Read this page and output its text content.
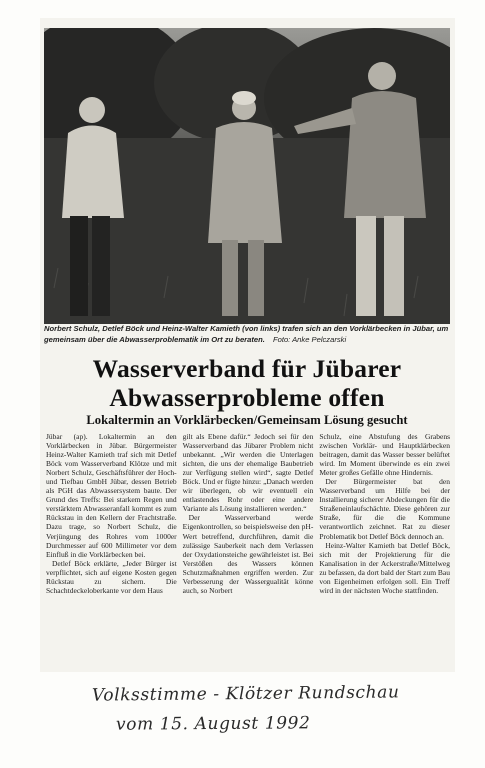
Norbert Schulz, Detlef Böck und Heinz-Walter Kamieth (von links) trafen sich an den Vorklärbecken in Jübar, um gemeinsam über die Abwasserproblematik im Ort zu beraten. Foto: Anke Pelczarski
Wasserverband für Jübarer
Abwasserprobleme offen
Lokaltermin an Vorklärbecken/Gemeinsam Lösung gesucht

Jübar (ap). Lokaltermin an den Vorklärbecken in Jübar. Bürgermeister Heinz-Walter Kamieth traf sich mit Detlef Böck vom Wasserverband Klötze und mit Norbert Schulz, Geschäftsführer der Hoch- und Tiefbau GmbH Jübar, dessen Betrieb als PGH das Abwassersystem baute. Der Grund des Treffs: Bei starkem Regen und verstärktem Abwasseranfall kommt es zum Rückstau in den Kellern der Frachtstraße. Dazu trage, so Norbert Schulz, die Verjüngung des Rohres vom 1000er Durchmesser auf 600 Millimeter vor dem Einfluß in die Vorklärbecken bei.

Detlef Böck erklärte, „Jeder Bürger ist verpflichtet, sich auf eigene Kosten gegen Rückstau zu sichern. Die Schachtdeckeloberkante vor dem Haus

gilt als Ebene dafür.“ Jedoch sei für den Wasserverband das Jübarer Problem nicht unbekannt. „Wir werden die Unterlagen sichten, die uns der ehemalige Baubetrieb zur Verfügung stellen wird“, sagte Detlef Böck. Und er fügte hinzu: „Danach werden wir überlegen, ob wir eventuell ein entlastendes Rohr oder eine andere Variante als Lösung installieren werden.“

Der Wasserverband werde Eigenkontrollen, so beispielsweise den pH-Wert betreffend, durchführen, damit die zulässige Sauberkeit nach dem Verlassen der Oxydationsteiche gewährleistet ist. Bei Verstößen des Wassers können Schutzmaßnahmen ergriffen werden. Zur Verbesserung der Wassergualität könne auch, so Norbert

Schulz, eine Abstufung des Grabens zwischen Vorklär- und Hauptklärbecken beitragen, damit das Wasser besser belüftet wird. Im Moment überwinde es ein zwei Meter großes Gefälle ohne Hindernis.

Der Bürgermeister bat den Wasserverband um Hilfe bei der Installierung sicherer Abdeckungen für die Straßeneinlaufschächte. Diese gehören zur Straße, für die die Kommune verantwortlich zeichnet. Rat zu dieser Problematik bot Detlef Böck dennoch an.

Heinz-Walter Kamieth bat Detlef Böck, sich mit der Projektierung für die Kanalisation in der Ackerstraße/Mittelweg zu befassen, da dort bald der Start zum Bau von Eigenheimen erfolgen soll. Ein Treff wird in der nächsten Woche stattfinden.

Volksstimme - Klötzer Rundschau
vom 15. August 1992
